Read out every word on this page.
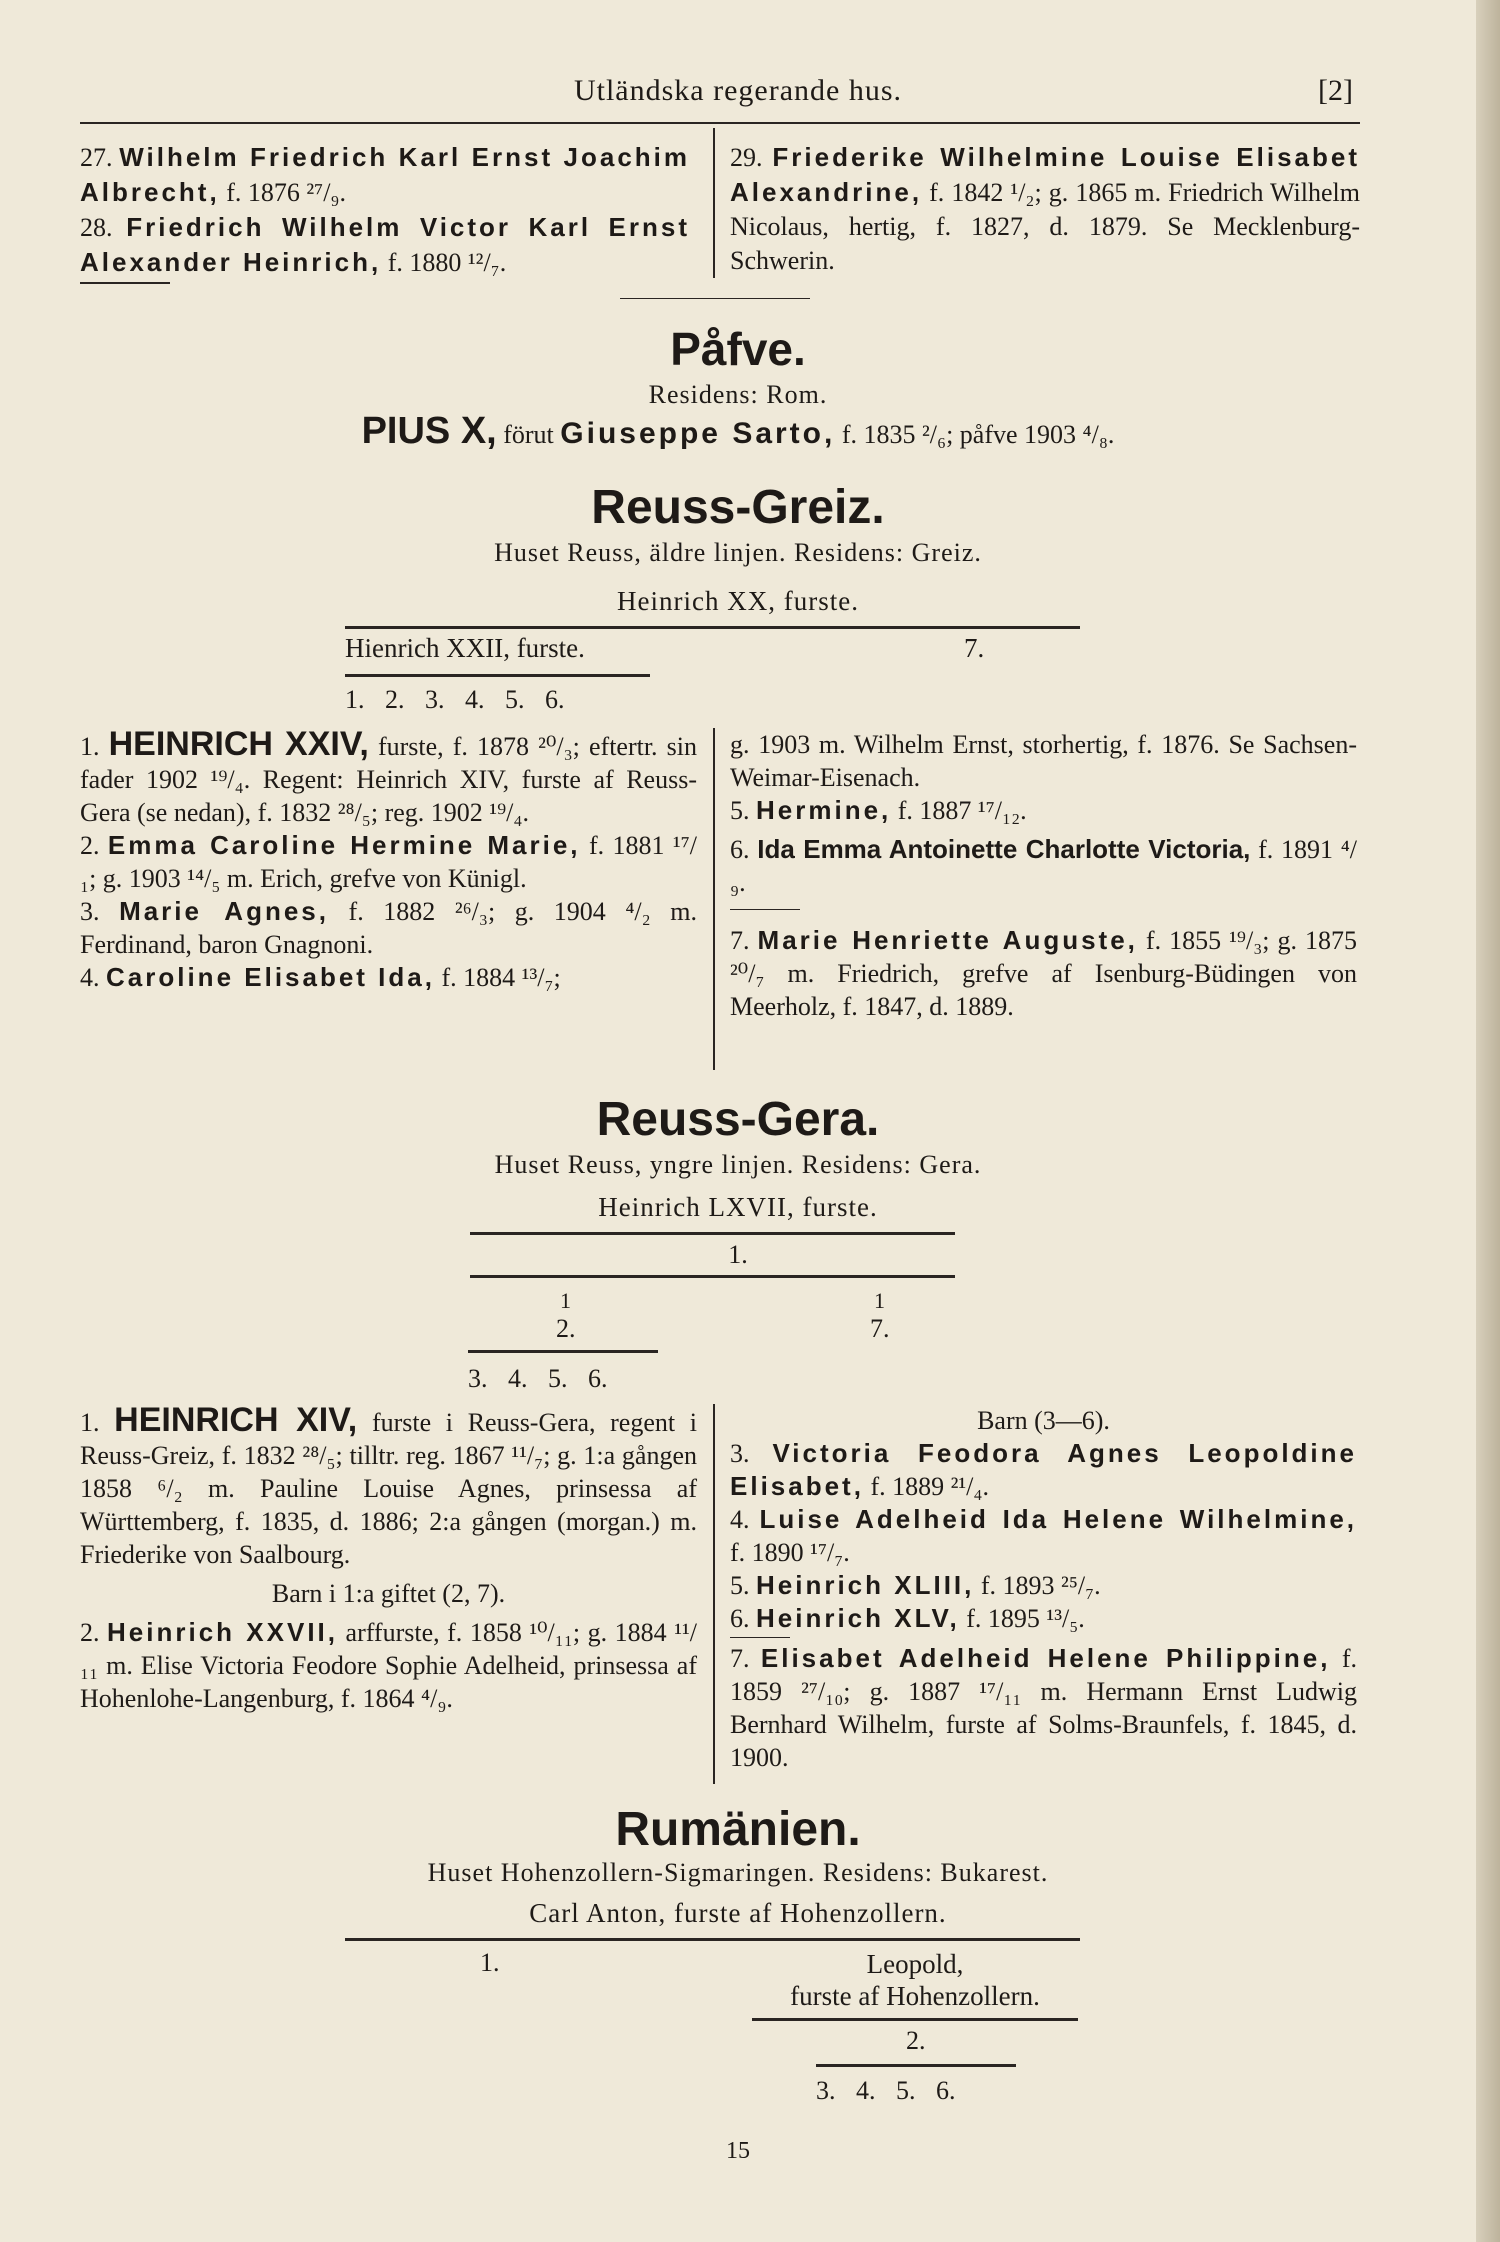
Utländska regerande hus.	[2]

27. Wilhelm Friedrich Karl Ernst Joachim Albrecht, f. 1876 ²⁷/₉.

28. Friedrich Wilhelm Victor Karl Ernst Alexander Heinrich, f. 1880 ¹²/₇.

29. Friederike Wilhelmine Louise Elisabet Alexandrine, f. 1842 ¹/₂; g. 1865 m. Friedrich Wilhelm Nicolaus, hertig, f. 1827, d. 1879. Se Mecklenburg-Schwerin.

Påfve.
Residens: Rom.
PIUS X, förut Giuseppe Sarto, f. 1835 ²/₆; påfve 1903 ⁴/₈.
Reuss-Greiz.
Huset Reuss, äldre linjen. Residens: Greiz.
Heinrich XX, furste.
Hienrich XXII, furste.	7.
1. 2. 3. 4. 5. 6.

1. HEINRICH XXIV, furste, f. 1878 ²⁰/₃; eftertr. sin fader 1902 ¹⁹/₄. Regent: Heinrich XIV, furste af Reuss-Gera (se nedan), f. 1832 ²⁸/₅; reg. 1902 ¹⁹/₄.

2. Emma Caroline Hermine Marie, f. 1881 ¹⁷/₁; g. 1903 ¹⁴/₅ m. Erich, grefve von Künigl.

3. Marie Agnes, f. 1882 ²⁶/₃; g. 1904 ⁴/₂ m. Ferdinand, baron Gnagnoni.

4. Caroline Elisabet Ida, f. 1884 ¹³/₇;

g. 1903 m. Wilhelm Ernst, storhertig, f. 1876. Se Sachsen-Weimar-Eisenach.

5. Hermine, f. 1887 ¹⁷/₁₂.

6. Ida Emma Antoinette Charlotte Victoria, f. 1891 ⁴/₉.

7. Marie Henriette Auguste, f. 1855 ¹⁹/₃; g. 1875 ²⁰/₇ m. Friedrich, grefve af Isenburg-Büdingen von Meerholz, f. 1847, d. 1889.

Reuss-Gera.
Huset Reuss, yngre linjen. Residens: Gera.
Heinrich LXVII, furste.
1.
1
2.
1
7.
3. 4. 5. 6.

1. HEINRICH XIV, furste i Reuss-Gera, regent i Reuss-Greiz, f. 1832 ²⁸/₅; tilltr. reg. 1867 ¹¹/₇; g. 1:a gången 1858 ⁶/₂ m. Pauline Louise Agnes, prinsessa af Württemberg, f. 1835, d. 1886; 2:a gången (morgan.) m. Friederike von Saalbourg.

Barn i 1:a giftet (2, 7).

2. Heinrich XXVII, arffurste, f. 1858 ¹⁰/₁₁; g. 1884 ¹¹/₁₁ m. Elise Victoria Feodore Sophie Adelheid, prinsessa af Hohenlohe-Langenburg, f. 1864 ⁴/₉.

Barn (3—6).

3. Victoria Feodora Agnes Leopoldine Elisabet, f. 1889 ²¹/₄.

4. Luise Adelheid Ida Helene Wilhelmine, f. 1890 ¹⁷/₇.

5. Heinrich XLIII, f. 1893 ²⁵/₇.

6. Heinrich XLV, f. 1895 ¹³/₅.

7. Elisabet Adelheid Helene Philippine, f. 1859 ²⁷/₁₀; g. 1887 ¹⁷/₁₁ m. Hermann Ernst Ludwig Bernhard Wilhelm, furste af Solms-Braunfels, f. 1845, d. 1900.

Rumänien.
Huset Hohenzollern-Sigmaringen. Residens: Bukarest.
Carl Anton, furste af Hohenzollern.
1.	Leopold,
furste af Hohenzollern.
2.
3. 4. 5. 6.
15
